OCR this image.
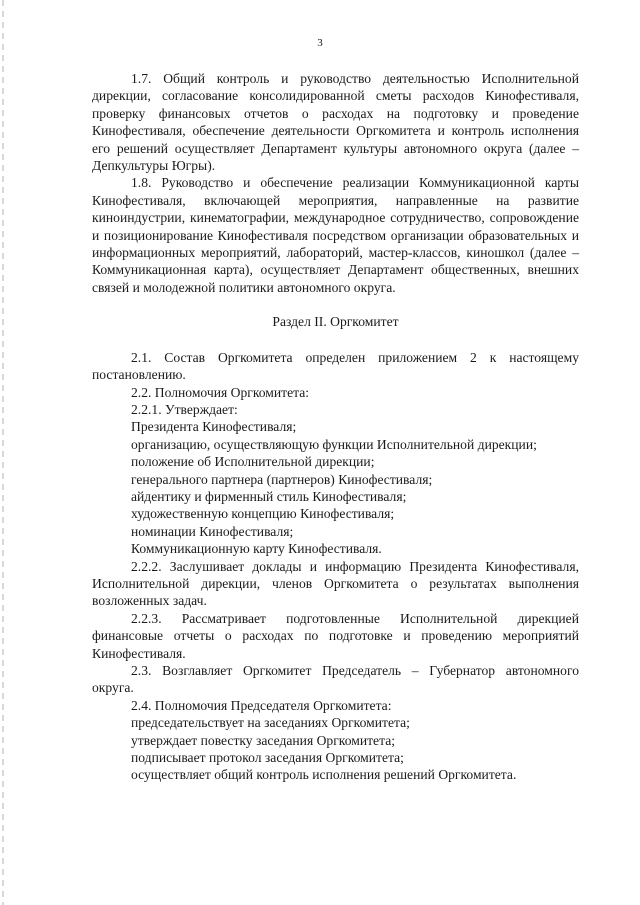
3

1.7. Общий контроль и руководство деятельностью Исполнительной дирекции, согласование консолидированной сметы расходов Кинофестиваля, проверку финансовых отчетов о расходах на подготовку и проведение Кинофестиваля, обеспечение деятельности Оргкомитета и контроль исполнения его решений осуществляет Департамент культуры автономного округа (далее – Депкультуры Югры).

1.8. Руководство и обеспечение реализации Коммуникационной карты Кинофестиваля, включающей мероприятия, направленные на развитие киноиндустрии, кинематографии, международное сотрудничество, сопровождение и позиционирование Кинофестиваля посредством организации образовательных и информационных мероприятий, лабораторий, мастер-классов, киношкол (далее – Коммуникационная карта), осуществляет Департамент общественных, внешних связей и молодежной политики автономного округа.

Раздел II. Оргкомитет

2.1. Состав Оргкомитета определен приложением 2 к настоящему постановлению.

2.2. Полномочия Оргкомитета:

2.2.1. Утверждает:

Президента Кинофестиваля;

организацию, осуществляющую функции Исполнительной дирекции;

положение об Исполнительной дирекции;

генерального партнера (партнеров) Кинофестиваля;

айдентику и фирменный стиль Кинофестиваля;

художественную концепцию Кинофестиваля;

номинации Кинофестиваля;

Коммуникационную карту Кинофестиваля.

2.2.2. Заслушивает доклады и информацию Президента Кинофестиваля, Исполнительной дирекции, членов Оргкомитета о результатах выполнения возложенных задач.

2.2.3. Рассматривает подготовленные Исполнительной дирекцией финансовые отчеты о расходах по подготовке и проведению мероприятий Кинофестиваля.

2.3. Возглавляет Оргкомитет Председатель – Губернатор автономного округа.

2.4. Полномочия Председателя Оргкомитета:

председательствует на заседаниях Оргкомитета;

утверждает повестку заседания Оргкомитета;

подписывает протокол заседания Оргкомитета;

осуществляет общий контроль исполнения решений Оргкомитета.
